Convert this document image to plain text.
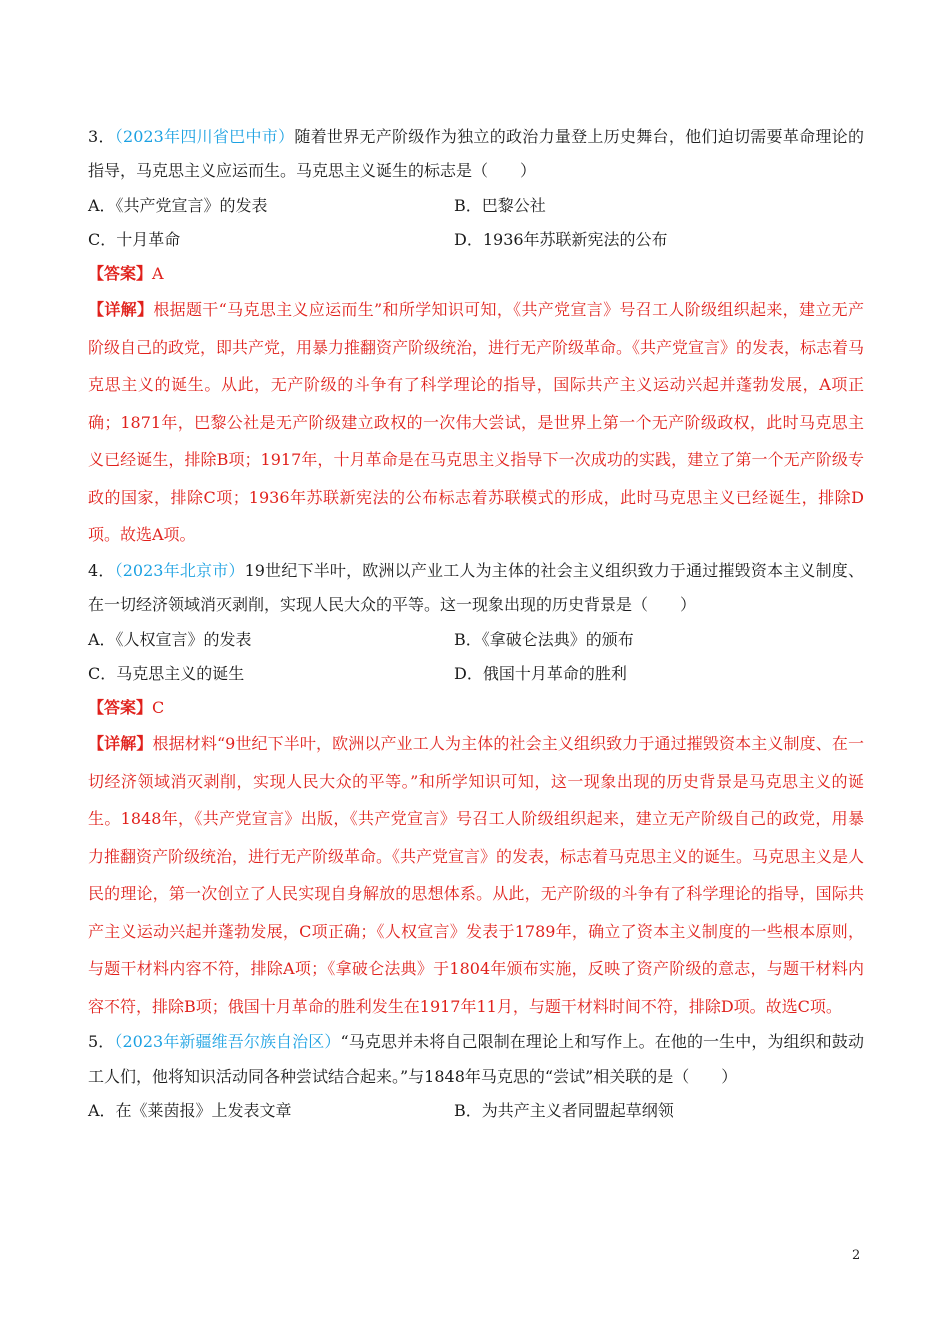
3．（2023年四川省巴中市）随着世界无产阶级作为独立的政治力量登上历史舞台，他们迫切需要革命理论的指导，马克思主义应运而生。马克思主义诞生的标志是（　　）
A．《共产党宣言》的发表	B．巴黎公社
C．十月革命	D．1936年苏联新宪法的公布
【答案】A
【详解】根据题干“马克思主义应运而生”和所学知识可知，《共产党宣言》号召工人阶级组织起来，建立无产阶级自己的政党，即共产党，用暴力推翻资产阶级统治，进行无产阶级革命。《共产党宣言》的发表，标志着马克思主义的诞生。从此，无产阶级的斗争有了科学理论的指导，国际共产主义运动兴起并蓬勃发展，A项正确；1871年，巴黎公社是无产阶级建立政权的一次伟大尝试，是世界上第一个无产阶级政权，此时马克思主义已经诞生，排除B项；1917年，十月革命是在马克思主义指导下一次成功的实践，建立了第一个无产阶级专政的国家，排除C项；1936年苏联新宪法的公布标志着苏联模式的形成，此时马克思主义已经诞生，排除D项。故选A项。
4．（2023年北京市）19世纪下半叶，欧洲以产业工人为主体的社会主义组织致力于通过摧毁资本主义制度、在一切经济领域消灭剥削，实现人民大众的平等。这一现象出现的历史背景是（　　）
A．《人权宣言》的发表	B．《拿破仑法典》的颁布
C．马克思主义的诞生	D．俄国十月革命的胜利
【答案】C
【详解】根据材料“9世纪下半叶，欧洲以产业工人为主体的社会主义组织致力于通过摧毁资本主义制度、在一切经济领域消灭剥削，实现人民大众的平等。”和所学知识可知，这一现象出现的历史背景是马克思主义的诞生。1848年，《共产党宣言》出版，《共产党宣言》号召工人阶级组织起来，建立无产阶级自己的政党，用暴力推翻资产阶级统治，进行无产阶级革命。《共产党宣言》的发表，标志着马克思主义的诞生。马克思主义是人民的理论，第一次创立了人民实现自身解放的思想体系。从此，无产阶级的斗争有了科学理论的指导，国际共产主义运动兴起并蓬勃发展，C项正确；《人权宣言》发表于1789年，确立了资本主义制度的一些根本原则，与题干材料内容不符，排除A项；《拿破仑法典》于1804年颁布实施，反映了资产阶级的意志，与题干材料内容不符，排除B项；俄国十月革命的胜利发生在1917年11月，与题干材料时间不符，排除D项。故选C项。
5．（2023年新疆维吾尔族自治区）“马克思并未将自己限制在理论上和写作上。在他的一生中，为组织和鼓动工人们，他将知识活动同各种尝试结合起来。”与1848年马克思的“尝试”相关联的是（　　）
A．在《莱茵报》上发表文章	B．为共产主义者同盟起草纲领
2
